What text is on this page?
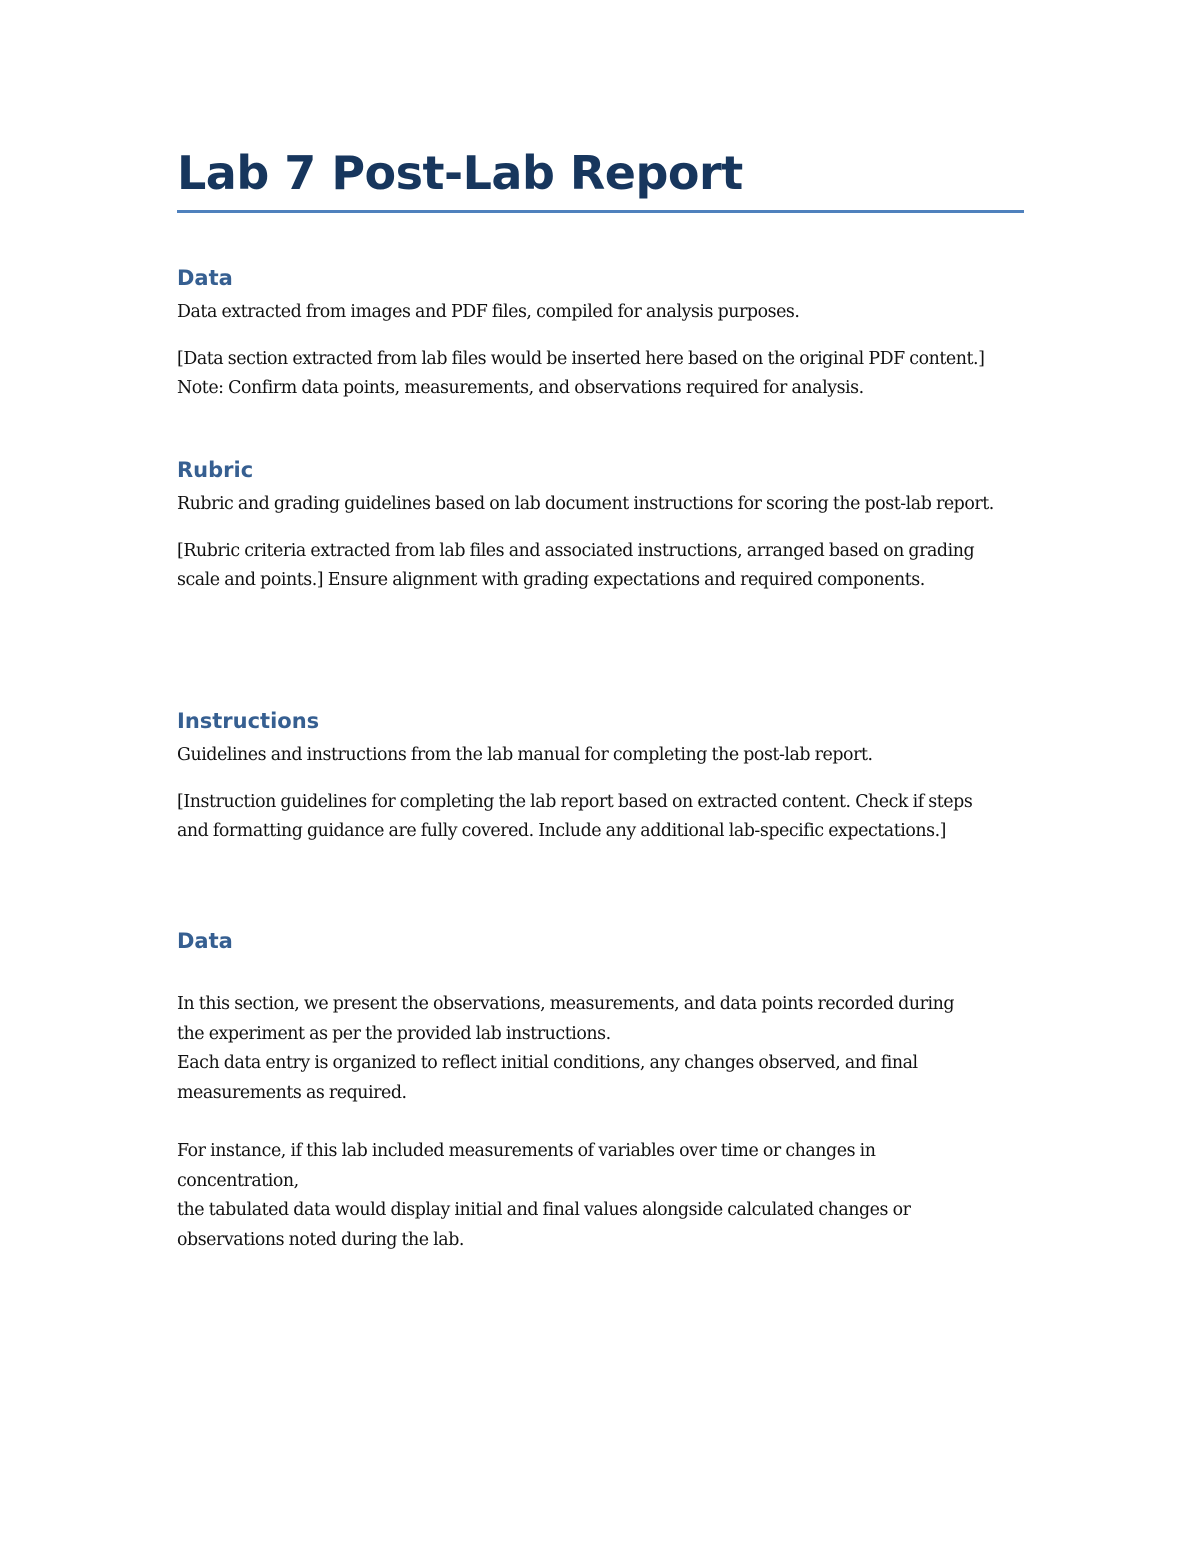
Lab 7 Post-Lab Report
Data

Data extracted from images and PDF files, compiled for analysis purposes.

[Data section extracted from lab files would be inserted here based on the original PDF content.] Note: Confirm data points, measurements, and observations required for analysis.

Rubric

Rubric and grading guidelines based on lab document instructions for scoring the post-lab report.

[Rubric criteria extracted from lab files and associated instructions, arranged based on grading scale and points.] Ensure alignment with grading expectations and required components.

Instructions

Guidelines and instructions from the lab manual for completing the post-lab report.

[Instruction guidelines for completing the lab report based on extracted content. Check if steps and formatting guidance are fully covered. Include any additional lab-specific expectations.]

Data

In this section, we present the observations, measurements, and data points recorded during the experiment as per the provided lab instructions.

Each data entry is organized to reflect initial conditions, any changes observed, and final measurements as required.

For instance, if this lab included measurements of variables over time or changes in concentration,

the tabulated data would display initial and final values alongside calculated changes or observations noted during the lab.
